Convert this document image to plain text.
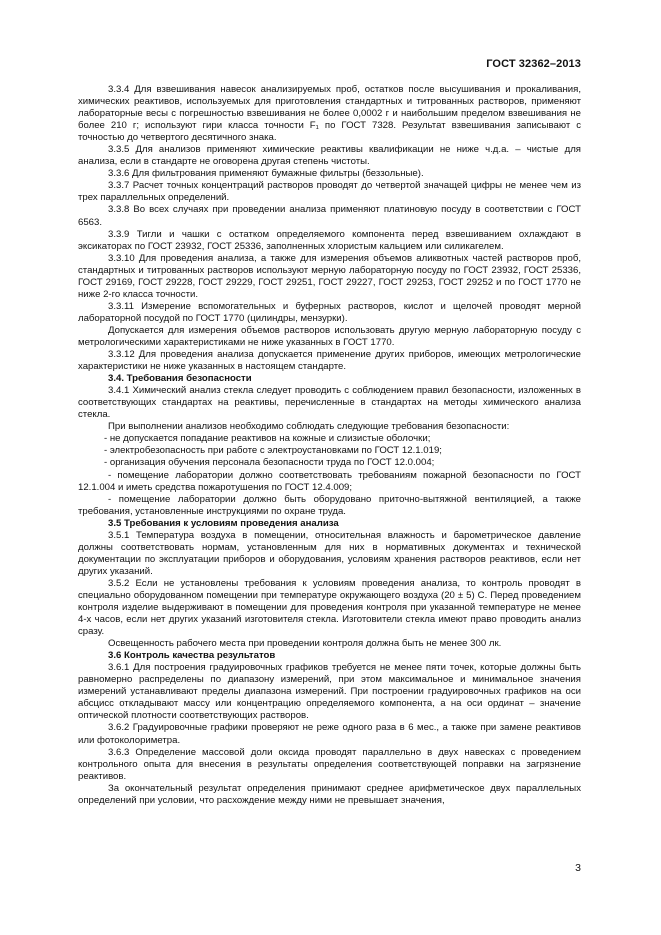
ГОСТ 32362–2013

3.3.4 Для взвешивания навесок анализируемых проб, остатков после высушивания и прокаливания, химических реактивов, используемых для приготовления стандартных и титрованных растворов, применяют лабораторные весы с погрешностью взвешивания не более 0,0002 г и наибольшим пределом взвешивания не более 210 г; используют гири класса точности F₁ по ГОСТ 7328. Результат взвешивания записывают с точностью до четвертого десятичного знака.

3.3.5 Для анализов применяют химические реактивы квалификации не ниже ч.д.а. – чистые для анализа, если в стандарте не оговорена другая степень чистоты.

3.3.6 Для фильтрования применяют бумажные фильтры (беззольные).

3.3.7 Расчет точных концентраций растворов проводят до четвертой значащей цифры не менее чем из трех параллельных определений.

3.3.8 Во всех случаях при проведении анализа применяют платиновую посуду в соответствии с ГОСТ 6563.

3.3.9 Тигли и чашки с остатком определяемого компонента перед взвешиванием охлаждают в эксикаторах по ГОСТ 23932, ГОСТ 25336, заполненных хлористым кальцием или силикагелем.

3.3.10 Для проведения анализа, а также для измерения объемов аликвотных частей растворов проб, стандартных и титрованных растворов используют мерную лабораторную посуду по ГОСТ 23932, ГОСТ 25336, ГОСТ 29169, ГОСТ 29228, ГОСТ 29229, ГОСТ 29251, ГОСТ 29227, ГОСТ 29253, ГОСТ 29252 и по ГОСТ 1770 не ниже 2-го класса точности.

3.3.11 Измерение вспомогательных и буферных растворов, кислот и щелочей проводят мерной лабораторной посудой по ГОСТ 1770 (цилиндры, мензурки).

Допускается для измерения объемов растворов использовать другую мерную лабораторную посуду с метрологическими характеристиками не ниже указанных в ГОСТ 1770.

3.3.12 Для проведения анализа допускается применение других приборов, имеющих метрологические характеристики не ниже указанных в настоящем стандарте.

3.4. Требования безопасности

3.4.1 Химический анализ стекла следует проводить с соблюдением правил безопасности, изложенных в соответствующих стандартах на реактивы, перечисленные в стандартах на методы химического анализа стекла.

При выполнении анализов необходимо соблюдать следующие требования безопасности:

- не допускается попадание реактивов на кожные и слизистые оболочки;

- электробезопасность при работе с электроустановками по ГОСТ 12.1.019;

- организация обучения персонала безопасности труда по ГОСТ 12.0.004;

- помещение лаборатории должно соответствовать требованиям пожарной безопасности по ГОСТ 12.1.004 и иметь средства пожаротушения по ГОСТ 12.4.009;

- помещение лаборатории должно быть оборудовано приточно-вытяжной вентиляцией, а также требования, установленные инструкциями по охране труда.

3.5 Требования к условиям проведения анализа

3.5.1 Температура воздуха в помещении, относительная влажность и барометрическое давление должны соответствовать нормам, установленным для них в нормативных документах и технической документации по эксплуатации приборов и оборудования, условиям хранения растворов реактивов, если нет других указаний.

3.5.2 Если не установлены требования к условиям проведения анализа, то контроль проводят в специально оборудованном помещении при температуре окружающего воздуха (20 ± 5) С. Перед проведением контроля изделие выдерживают в помещении для проведения контроля при указанной температуре не менее 4-х часов, если нет других указаний изготовителя стекла. Изготовители стекла имеют право проводить анализ сразу.

Освещенность рабочего места при проведении контроля должна быть не менее 300 лк.

3.6 Контроль качества результатов

3.6.1 Для построения градуировочных графиков требуется не менее пяти точек, которые должны быть равномерно распределены по диапазону измерений, при этом максимальное и минимальное значения измерений устанавливают пределы диапазона измерений. При построении градуировочных графиков на оси абсцисс откладывают массу или концентрацию определяемого компонента, а на оси ординат – значение оптической плотности соответствующих растворов.

3.6.2 Градуировочные графики проверяют не реже одного раза в 6 мес., а также при замене реактивов или фотоколориметра.

3.6.3 Определение массовой доли оксида проводят параллельно в двух навесках с проведением контрольного опыта для внесения в результаты определения соответствующей поправки на загрязнение реактивов.

За окончательный результат определения принимают среднее арифметическое двух параллельных определений при условии, что расхождение между ними не превышает значения,

3
